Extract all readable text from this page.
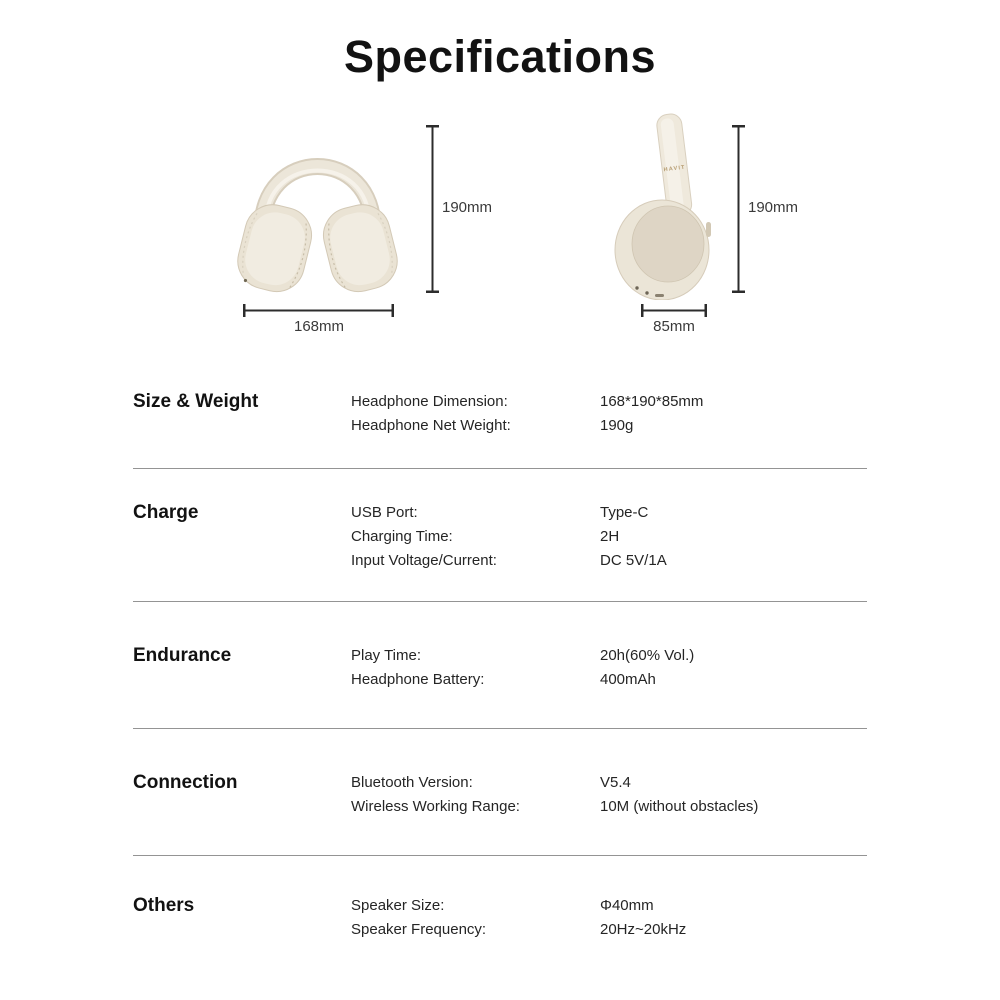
Specifications
190mm
168mm
HAVIT
190mm
85mm
Size & Weight	Headphone Dimension:	168*190*85mm
Headphone Net Weight:	190g
Charge	USB Port:	Type-C
Charging Time:	2H
Input Voltage/Current:	DC 5V/1A
Endurance	Play Time:	20h(60% Vol.)
Headphone Battery:	400mAh
Connection	Bluetooth Version:	V5.4
Wireless Working Range:	10M (without obstacles)
Others	Speaker Size:	Φ40mm
Speaker Frequency:	20Hz~20kHz
